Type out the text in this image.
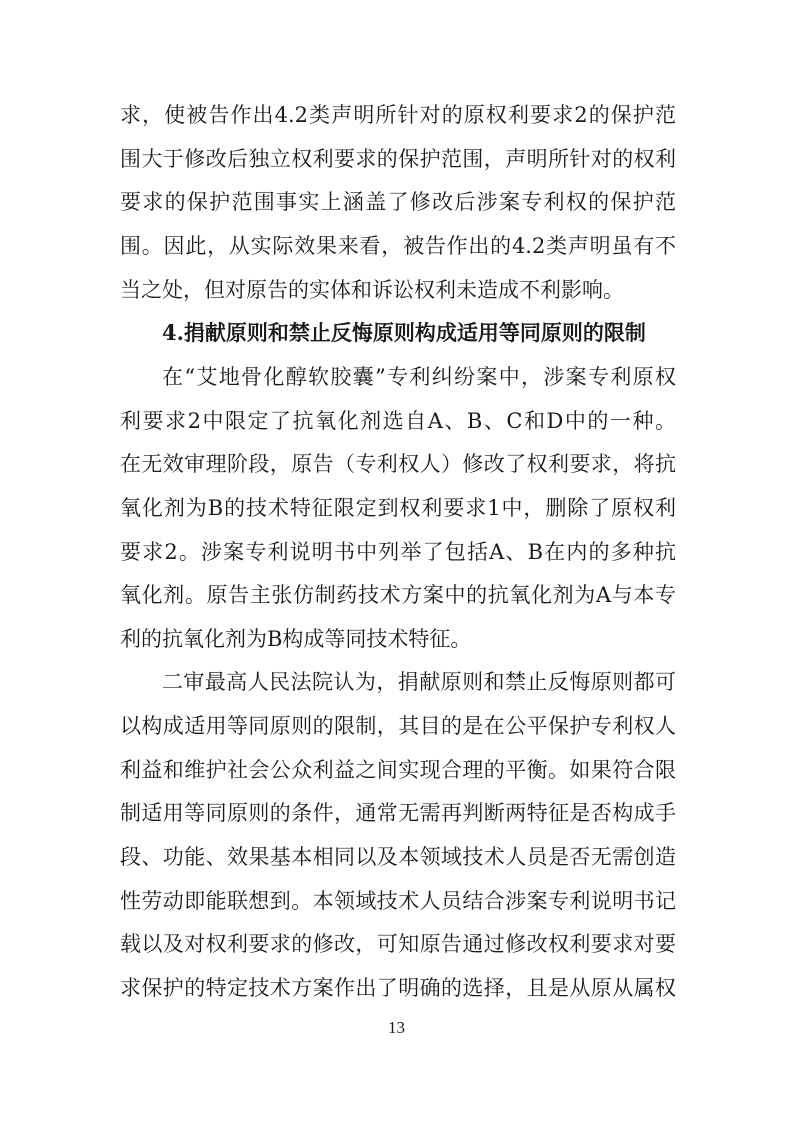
求，使被告作出4.2类声明所针对的原权利要求2的保护范
围大于修改后独立权利要求的保护范围，声明所针对的权利
要求的保护范围事实上涵盖了修改后涉案专利权的保护范
围。因此，从实际效果来看，被告作出的4.2类声明虽有不
当之处，但对原告的实体和诉讼权利未造成不利影响。
4.捐献原则和禁止反悔原则构成适用等同原则的限制
在“艾地骨化醇软胶囊”专利纠纷案中，涉案专利原权
利要求2中限定了抗氧化剂选自A、B、C和D中的一种。
在无效审理阶段，原告（专利权人）修改了权利要求，将抗
氧化剂为B的技术特征限定到权利要求1中，删除了原权利
要求2。涉案专利说明书中列举了包括A、B在内的多种抗
氧化剂。原告主张仿制药技术方案中的抗氧化剂为A与本专
利的抗氧化剂为B构成等同技术特征。
二审最高人民法院认为，捐献原则和禁止反悔原则都可
以构成适用等同原则的限制，其目的是在公平保护专利权人
利益和维护社会公众利益之间实现合理的平衡。如果符合限
制适用等同原则的条件，通常无需再判断两特征是否构成手
段、功能、效果基本相同以及本领域技术人员是否无需创造
性劳动即能联想到。本领域技术人员结合涉案专利说明书记
载以及对权利要求的修改，可知原告通过修改权利要求对要
求保护的特定技术方案作出了明确的选择，且是从原从属权
13
